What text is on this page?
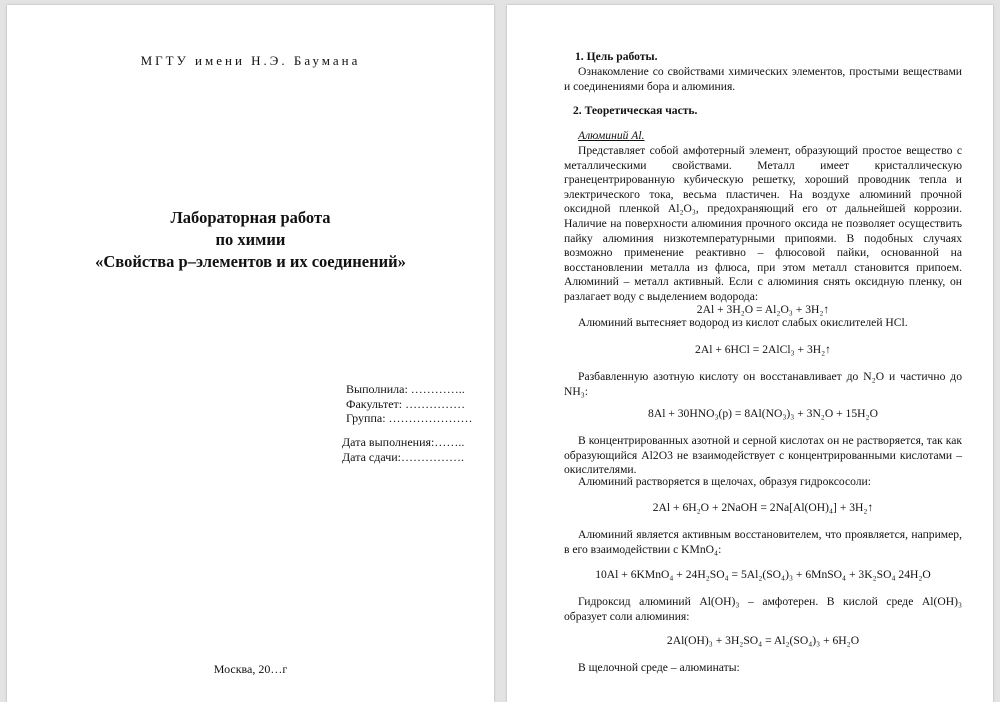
МГТУ имени Н.Э. Баумана
Лабораторная работа
по химии
«Свойства p–элементов и их соединений»
Выполнила: …………..
Факультет: ……………
Группа: …………………
Дата выполнения:……..
Дата сдачи:…………….
Москва, 20…г
1. Цель работы.
Ознакомление со свойствами химических элементов, простыми веществами и соединениями бора и алюминия.
2. Теоретическая часть.
Алюминий Al.
Представляет собой амфотерный элемент, образующий простое вещество с металлическими свойствами. Металл имеет кристаллическую гранецентрированную кубическую решетку, хороший проводник тепла и электрического тока, весьма пластичен. На воздухе алюминий прочной оксидной пленкой Al₂O₃, предохраняющий его от дальнейшей коррозии. Наличие на поверхности алюминия прочного оксида не позволяет осуществить пайку алюминия низкотемпературными припоями. В подобных случаях возможно применение реактивно – флюсовой пайки, основанной на восстановлении металла из флюса, при этом металл становится припоем. Алюминий – металл активный. Если с алюминия снять оксидную пленку, он разлагает воду с выделением водорода:
2Al + 3H₂O = Al₂O₃ + 3H₂↑
Алюминий вытесняет водород из кислот слабых окислителей HCl.
2Al + 6HCl = 2AlCl₃ + 3H₂↑
Разбавленную азотную кислоту он восстанавливает до N₂O и частично до NH₃:
8Al + 30HNO₃(р) = 8Al(NO₃)₃ + 3N₂O + 15H₂O
В концентрированных азотной и серной кислотах он не растворяется, так как образующийся Al2O3 не взаимодействует с концентрированными кислотами – окислителями.
Алюминий растворяется в щелочах, образуя гидроксосоли:
2Al + 6H₂O + 2NaOH = 2Na[Al(OH)₄] + 3H₂↑
Алюминий является активным восстановителем, что проявляется, например, в его взаимодействии с KMnO₄:
10Al + 6KMnO₄ + 24H₂SO₄ = 5Al₂(SO₄)₃ + 6MnSO₄ + 3K₂SO₄ 24H₂O
Гидроксид алюминий Al(OH)₃ – амфотерен. В кислой среде Al(OH)₃ образует соли алюминия:
2Al(OH)₃ + 3H₂SO₄ = Al₂(SO₄)₃ + 6H₂O
В щелочной среде – алюминаты:
